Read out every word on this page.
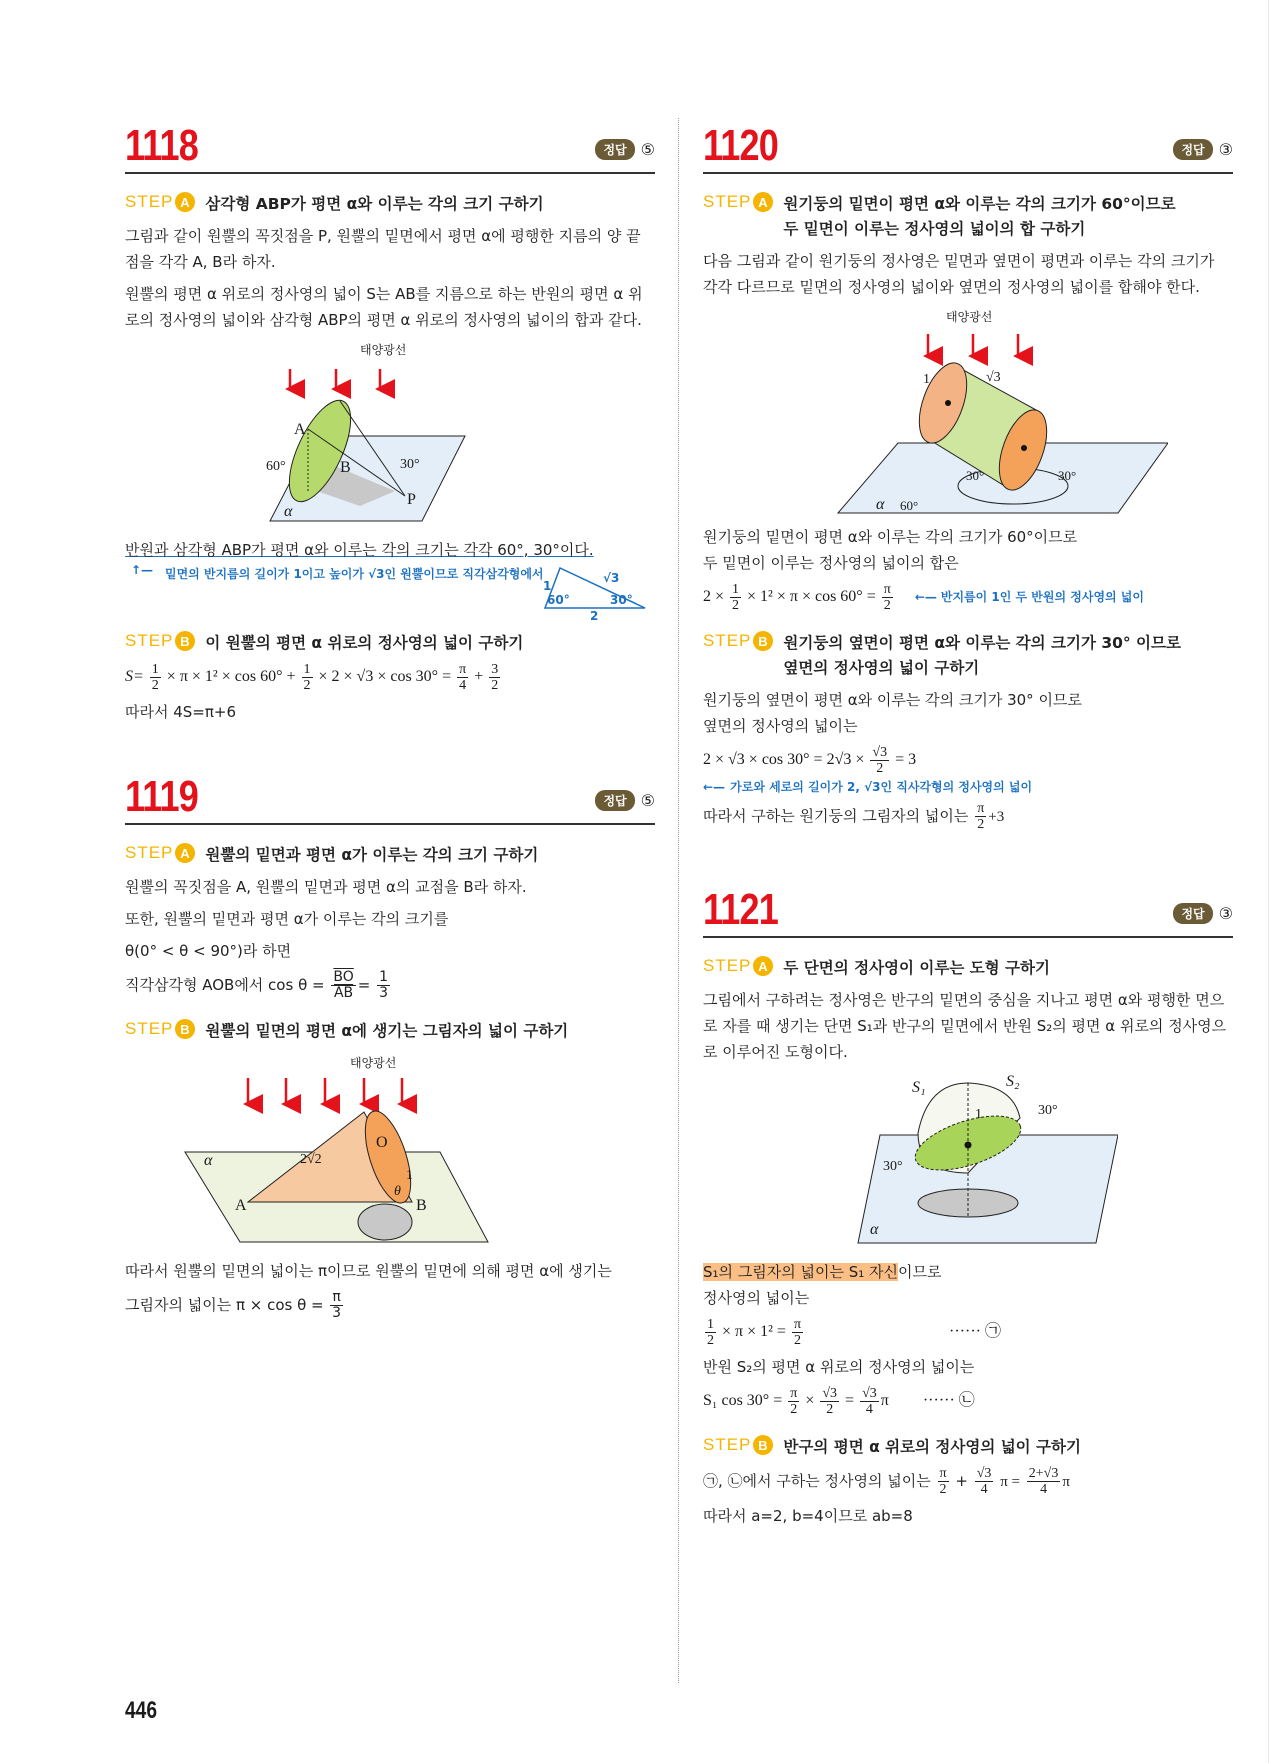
1118	정답 ⑤
STEP A 삼각형 ABP가 평면 α와 이루는 각의 크기 구하기
그림과 같이 원뿔의 꼭짓점을 P, 원뿔의 밑면에서 평면 α에 평행한 지름의 양 끝점을 각각 A, B라 하자.
원뿔의 평면 α 위로의 정사영의 넓이 S는 AB를 지름으로 하는 반원의 평면 α 위로의 정사영의 넓이와 삼각형 ABP의 평면 α 위로의 정사영의 넓이의 합과 같다.
태양광선
A
B
P
α
60°	30°
반원과 삼각형 ABP가 평면 α와 이루는 각의 크기는 각각 60°, 30°이다.
↑— 밑면의 반지름의 길이가 1이고 높이가 √3인 원뿔이므로 직각삼각형에서
1
√3
2
60°	30°
STEP B 이 원뿔의 평면 α 위로의 정사영의 넓이 구하기
$S= \frac{1}{2} \times \pi \times 1^2 \times \cos 60^\circ + \frac{1}{2} \times 2 \times √3 \times \cos 30^\circ = \frac{\pi}{4} + \frac{3}{2}$
따라서 4S=π+6
1119	정답 ⑤
STEP A 원뿔의 밑면과 평면 α가 이루는 각의 크기 구하기
원뿔의 꼭짓점을 A, 원뿔의 밑면과 평면 α의 교점을 B라 하자.
또한, 원뿔의 밑면과 평면 α가 이루는 각의 크기를
θ(0° < θ < 90°)라 하면
직각삼각형 AOB에서 $\cos \theta = \frac{\overline{BO}}{AB} = \frac{1}{3}$
STEP B 원뿔의 밑면의 평면 α에 생기는 그림자의 넓이 구하기
태양광선
A	B
O
α	2√2
1
θ
따라서 원뿔의 밑면의 넓이는 π이므로 원뿔의 밑면에 의해 평면 α에 생기는
그림자의 넓이는 $\pi \times \cos \theta = \frac{\pi}{3}$
1120	정답 ③
STEP A 원기둥의 밑면이 평면 α와 이루는 각의 크기가 60°이므로
두 밑면이 이루는 정사영의 넓이의 합 구하기
다음 그림과 같이 원기둥의 정사영은 밑면과 옆면이 평면과 이루는 각의 크기가 각각 다르므로 밑면의 정사영의 넓이와 옆면의 정사영의 넓이를 합해야 한다.
태양광선
1	√3
α 60°
30°	30°
원기둥의 밑면이 평면 α와 이루는 각의 크기가 60°이므로
두 밑면이 이루는 정사영의 넓이의 합은
$2 \times \frac{1}{2} \times 1^2 \times \pi \times \cos 60^\circ = \frac{\pi}{2}$ ←— 반지름이 1인 두 반원의 정사영의 넓이
STEP B 원기둥의 옆면이 평면 α와 이루는 각의 크기가 30° 이므로
옆면의 정사영의 넓이 구하기
원기둥의 옆면이 평면 α와 이루는 각의 크기가 30° 이므로
옆면의 정사영의 넓이는
$2 \times √3 \times \cos 30^\circ = 2√3 \times \frac{√3}{2} = 3$
←— 가로와 세로의 길이가 2, √3인 직사각형의 정사영의 넓이
따라서 구하는 원기둥의 그림자의 넓이는 $\frac{\pi}{2} +3$
1121	정답 ③
STEP A 두 단면의 정사영이 이루는 도형 구하기
그림에서 구하려는 정사영은 반구의 밑면의 중심을 지나고 평면 α와 평행한 면으로 자를 때 생기는 단면 S₁과 반구의 밑면에서 반원 S₂의 평면 α 위로의 정사영으로 이루어진 도형이다.
S₁	S₂
1	30°
30°
α
S₁의 그림자의 넓이는 S₁ 자신이므로
정사영의 넓이는
$\frac{1}{2} \times \pi \times 1^2 = \frac{\pi}{2}$	······ ㉠
반원 S₂의 평면 α 위로의 정사영의 넓이는
S₁ $\cos 30^\circ = \frac{\pi}{2} \times \frac{√3}{2} = \frac{√3}{4}$ π ······ ㉡
STEP B 반구의 평면 α 위로의 정사영의 넓이 구하기
㉠, ㉡에서 구하는 정사영의 넓이는 $\frac{\pi}{2} + \frac{√3}{4}$ $\pi = \frac{2+√3}{4}$ π
따라서 a=2, b=4이므로 ab=8
446
